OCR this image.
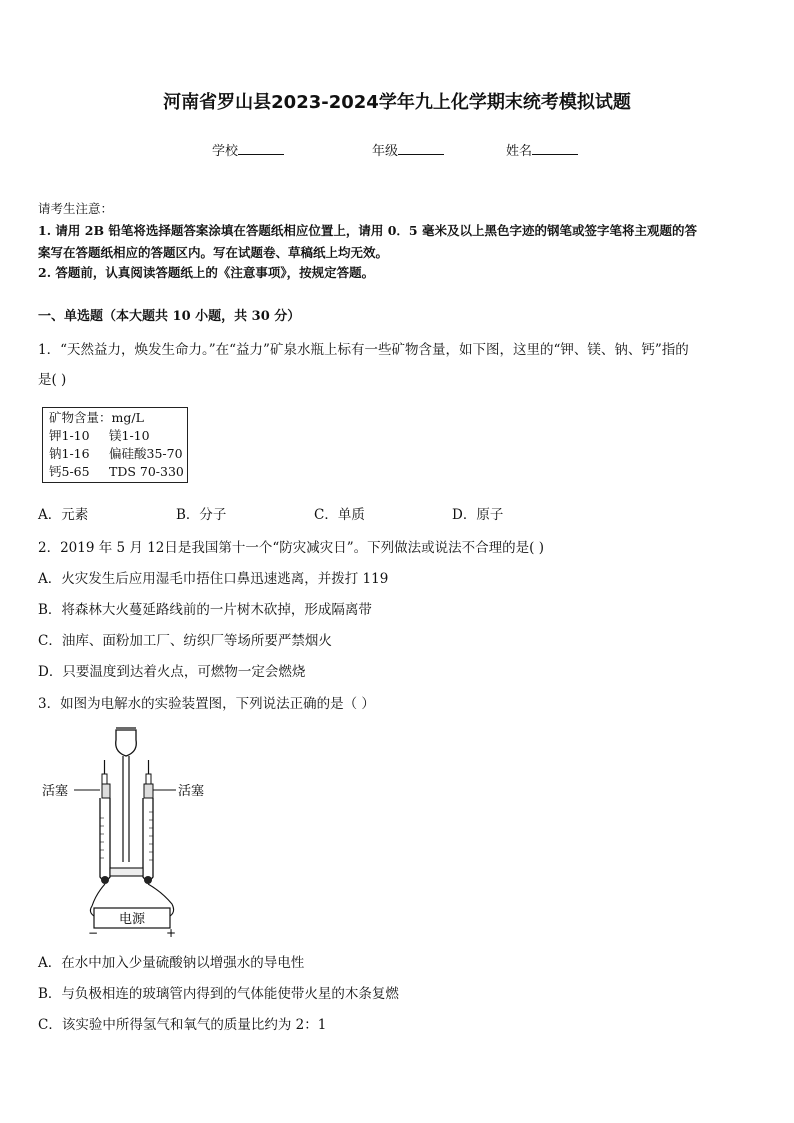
河南省罗山县2023-2024学年九上化学期末统考模拟试题
学校	年级	姓名
请考生注意：
1. 请用 2B 铅笔将选择题答案涂填在答题纸相应位置上，请用 0．5 毫米及以上黑色字迹的钢笔或签字笔将主观题的答
案写在答题纸相应的答题区内。写在试题卷、草稿纸上均无效。
2. 答题前，认真阅读答题纸上的《注意事项》，按规定答题。
一、单选题（本大题共 10 小题，共 30 分）
1．“天然益力，焕发生命力。”在“益力”矿泉水瓶上标有一些矿物含量，如下图，这里的“钾、镁、钠、钙”指的
是( )
矿物含量：mg/L
钾1-10	镁1-10
钠1-16	偏硅酸35-70
钙5-65	TDS 70-330
A．元素	B．分子	C．单质	D．原子
2．2019 年 5 月 12日是我国第十一个“防灾减灾日”。下列做法或说法不合理的是( )
A．火灾发生后应用湿毛巾捂住口鼻迅速逃离，并拨打 119
B．将森林大火蔓延路线前的一片树木砍掉，形成隔离带
C．油库、面粉加工厂、纺织厂等场所要严禁烟火
D．只要温度到达着火点，可燃物一定会燃烧
3．如图为电解水的实验装置图，下列说法正确的是（ ）
活塞	活塞
电源
−	+
A．在水中加入少量硫酸钠以增强水的导电性
B．与负极相连的玻璃管内得到的气体能使带火星的木条复燃
C．该实验中所得氢气和氧气的质量比约为 2：1
